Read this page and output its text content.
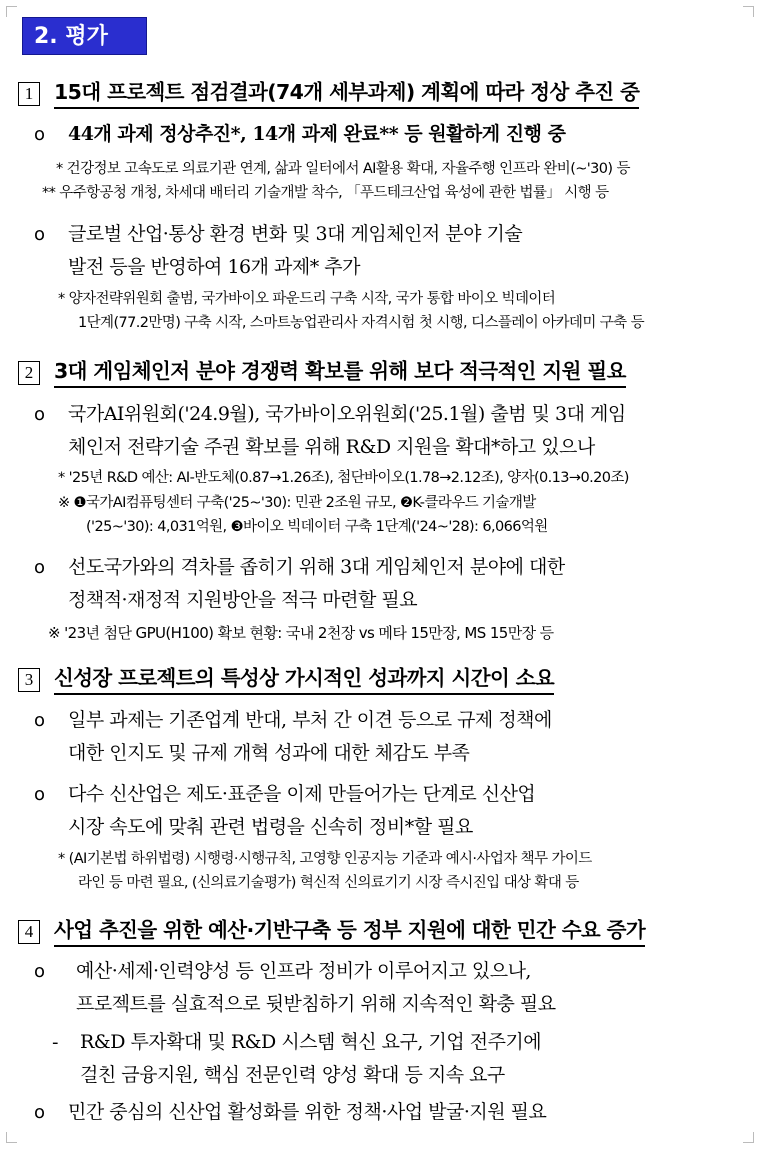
2. 평가
1	15대 프로젝트 점검결과(74개 세부과제) 계획에 따라 정상 추진 중
o 44개 과제 정상추진*, 14개 과제 완료** 등 원활하게 진행 중
* 건강정보 고속도로 의료기관 연계, 삶과 일터에서 AI활용 확대, 자율주행 인프라 완비(~'30) 등
** 우주항공청 개청, 차세대 배터리 기술개발 착수, 「푸드테크산업 육성에 관한 법률」 시행 등
o 글로벌 산업·통상 환경 변화 및 3대 게임체인저 분야 기술
발전 등을 반영하여 16개 과제* 추가
* 양자전략위원회 출범, 국가바이오 파운드리 구축 시작, 국가 통합 바이오 빅데이터
1단계(77.2만명) 구축 시작, 스마트농업관리사 자격시험 첫 시행, 디스플레이 아카데미 구축 등
2	3대 게임체인저 분야 경쟁력 확보를 위해 보다 적극적인 지원 필요
o 국가AI위원회('24.9월), 국가바이오위원회('25.1월) 출범 및 3대 게임
체인저 전략기술 주권 확보를 위해 R&D 지원을 확대*하고 있으나
* '25년 R&D 예산: AI-반도체(0.87→1.26조), 첨단바이오(1.78→2.12조), 양자(0.13→0.20조)
※ ❶국가AI컴퓨팅센터 구축('25~'30): 민관 2조원 규모, ❷K-클라우드 기술개발
('25~'30): 4,031억원, ❸바이오 빅데이터 구축 1단계('24~'28): 6,066억원
o 선도국가와의 격차를 좁히기 위해 3대 게임체인저 분야에 대한
정책적·재정적 지원방안을 적극 마련할 필요
※ '23년 첨단 GPU(H100) 확보 현황: 국내 2천장 vs 메타 15만장, MS 15만장 등
3	신성장 프로젝트의 특성상 가시적인 성과까지 시간이 소요
o 일부 과제는 기존업계 반대, 부처 간 이견 등으로 규제 정책에
대한 인지도 및 규제 개혁 성과에 대한 체감도 부족
o 다수 신산업은 제도·표준을 이제 만들어가는 단계로 신산업
시장 속도에 맞춰 관련 법령을 신속히 정비*할 필요
* (AI기본법 하위법령) 시행령·시행규칙, 고영향 인공지능 기준과 예시·사업자 책무 가이드
라인 등 마련 필요, (신의료기술평가) 혁신적 신의료기기 시장 즉시진입 대상 확대 등
4	사업 추진을 위한 예산·기반구축 등 정부 지원에 대한 민간 수요 증가
o 예산·세제·인력양성 등 인프라 정비가 이루어지고 있으나,
프로젝트를 실효적으로 뒷받침하기 위해 지속적인 확충 필요
- R&D 투자확대 및 R&D 시스템 혁신 요구, 기업 전주기에
걸친 금융지원, 핵심 전문인력 양성 확대 등 지속 요구
o 민간 중심의 신산업 활성화를 위한 정책·사업 발굴·지원 필요
